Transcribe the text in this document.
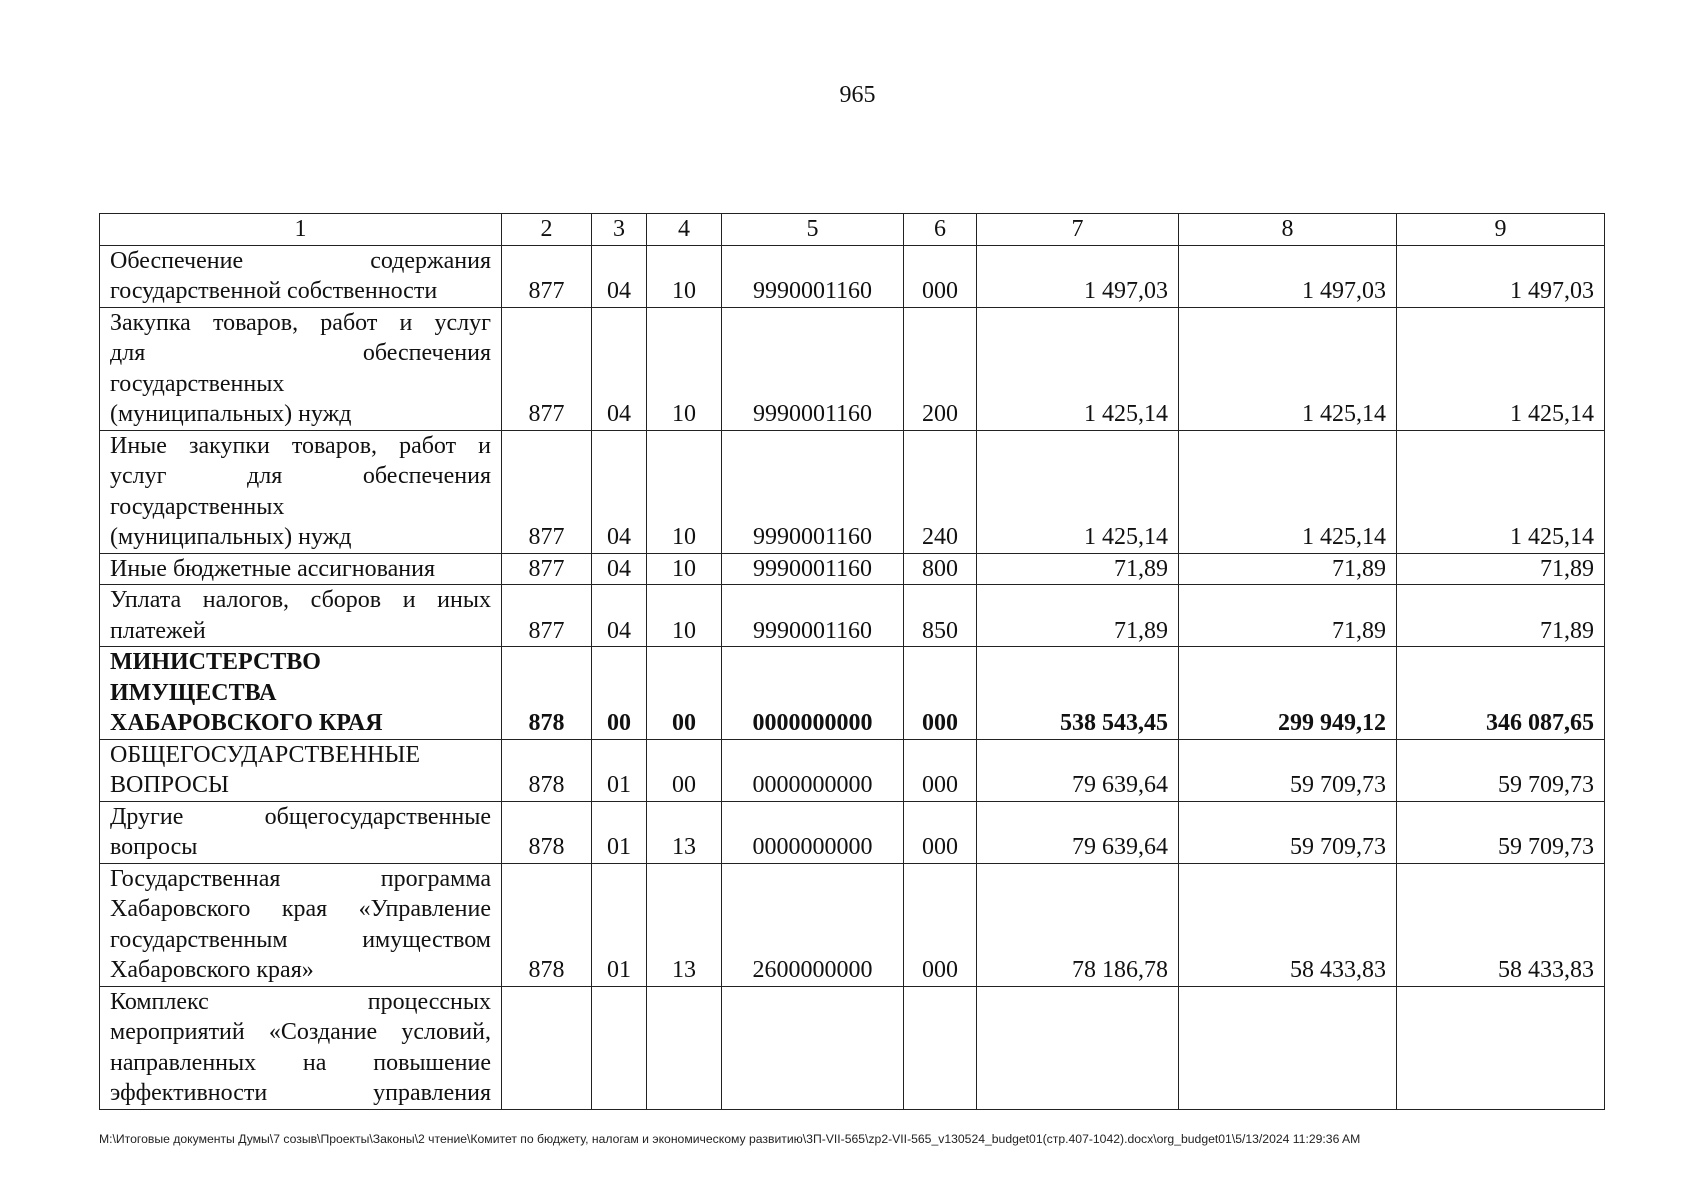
965
1	2	3	4	5	6	7	8	9

Обеспечение содержания
государственной собственности	877	04	10	9990001160	000	1 497,03	1 497,03	1 497,03

Закупка товаров, работ и услуг
для обеспечения
государственных
(муниципальных) нужд	877	04	10	9990001160	200	1 425,14	1 425,14	1 425,14

Иные закупки товаров, работ и
услуг для обеспечения
государственных
(муниципальных) нужд	877	04	10	9990001160	240	1 425,14	1 425,14	1 425,14

Иные бюджетные ассигнования	877	04	10	9990001160	800	71,89	71,89	71,89

Уплата налогов, сборов и иных
платежей	877	04	10	9990001160	850	71,89	71,89	71,89

МИНИСТЕРСТВО
ИМУЩЕСТВА
ХАБАРОВСКОГО КРАЯ	878	00	00	0000000000	000	538 543,45	299 949,12	346 087,65

ОБЩЕГОСУДАРСТВЕННЫЕ
ВОПРОСЫ	878	01	00	0000000000	000	79 639,64	59 709,73	59 709,73

Другие общегосударственные
вопросы	878	01	13	0000000000	000	79 639,64	59 709,73	59 709,73

Государственная программа
Хабаровского края «Управление
государственным имуществом
Хабаровского края»	878	01	13	2600000000	000	78 186,78	58 433,83	58 433,83

Комплекс процессных
мероприятий «Создание условий,
направленных на повышение
эффективности управления								

M:\Итоговые документы Думы\7 созыв\Проекты\Законы\2 чтение\Комитет по бюджету, налогам и экономическому развитию\3П-VII-565\zp2-VII-565_v130524_budget01(стр.407-1042).docx\org_budget01\5/13/2024 11:29:36 AM
